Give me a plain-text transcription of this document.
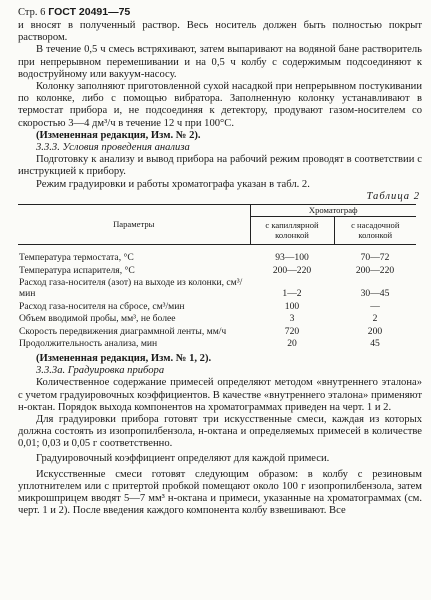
Стр. 6 ГОСТ 20491—75

и вносят в полученный раствор. Весь носитель должен быть полностью покрыт раствором.

В течение 0,5 ч смесь встряхивают, затем выпаривают на водяной бане растворитель при непрерывном перемешивании и на 0,5 ч колбу с содержимым подсоединяют к водоструйному или вакуум-насосу.

Колонку заполняют приготовленной сухой насадкой при непрерывном постукивании по колонке, либо с помощью вибратора. Заполненную колонку устанавливают в термостат прибора и, не подсоединяя к детектору, продувают газом-носителем со скоростью 3—4 дм³/ч в течение 12 ч при 100°С.

(Измененная редакция, Изм. № 2).

3.3.3. Условия проведения анализа

Подготовку к анализу и вывод прибора на рабочий режим проводят в соответствии с инструкцией к прибору.

Режим градуировки и работы хроматографа указан в табл. 2.

Таблица 2

Параметры	Хроматограф	
	с капиллярной колонкой	с насадочной колонкой
Температура термостата, °С	93—100	70—72
Температура испарителя, °С	200—220	200—220
Расход газа-носителя (азот) на выходе из колонки, см³/мин	1—2	30—45
Расход газа-носителя на сбросе, см³/мин	100	—
Объем вводимой пробы, мм³, не более	3	2
Скорость передвижения диаграммной ленты, мм/ч	720	200
Продолжительность анализа, мин	20	45

(Измененная редакция, Изм. № 1, 2).

3.3.3а. Градуировка прибора

Количественное содержание примесей определяют методом «внутреннего эталона» с учетом градуировочных коэффициентов. В качестве «внутреннего эталона» применяют н-октан. Порядок выхода компонентов на хроматограммах приведен на черт. 1 и 2.

Для градуировки прибора готовят три искусственные смеси, каждая из которых должна состоять из изопропилбензола, н-октана и определяемых примесей в количестве 0,01; 0,03 и 0,05 г соответственно.

Градуировочный коэффициент определяют для каждой примеси.

Искусственные смеси готовят следующим образом: в колбу с резиновым уплотнителем или с притертой пробкой помещают около 100 г изопропилбензола, затем микрошприцем вводят 5—7 мм³ н-октана и примеси, указанные на хроматограммах (см. черт. 1 и 2). После введения каждого компонента колбу взвешивают. Все
